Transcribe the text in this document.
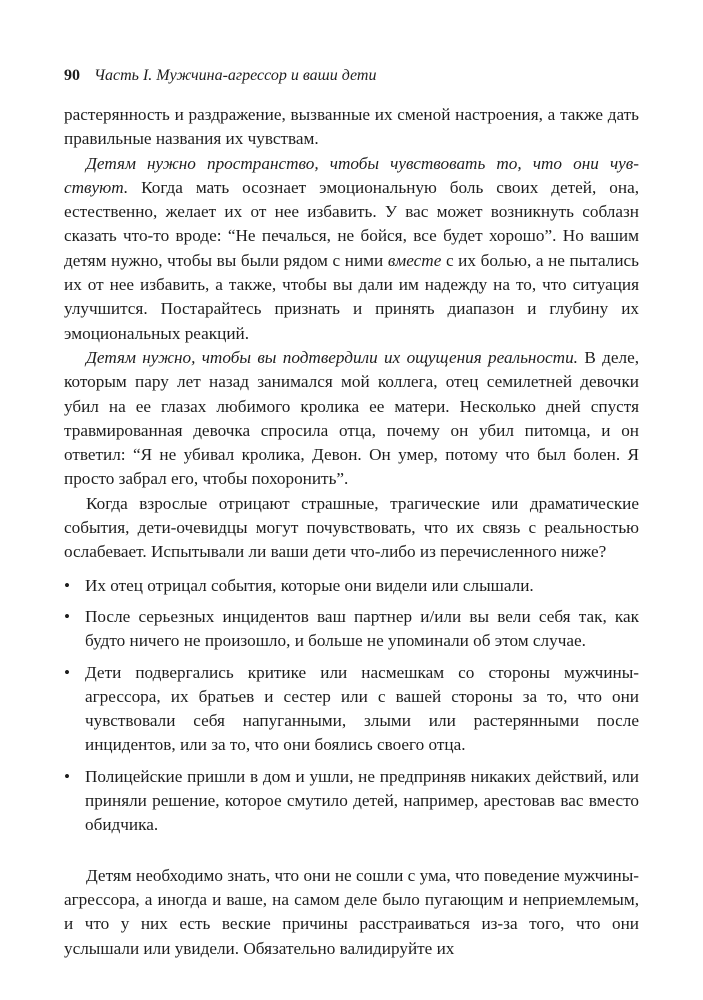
90 Часть I. Мужчина-агрессор и ваши дети

растерянность и раздражение, вызванные их сменой настроения, а также дать правильные названия их чувствам.

Детям нужно пространство, чтобы чувствовать то, что они чувствуют. Когда мать осознает эмоциональную боль своих детей, она, естественно, желает их от нее избавить. У вас может возникнуть соблазн сказать что-то вроде: “Не печалься, не бойся, все будет хорошо”. Но вашим детям нужно, чтобы вы были рядом с ними вместе с их болью, а не пытались их от нее избавить, а также, чтобы вы дали им надежду на то, что ситуация улучшится. Постарайтесь признать и принять диапазон и глубину их эмоциональных реакций.

Детям нужно, чтобы вы подтвердили их ощущения реальности. В деле, которым пару лет назад занимался мой коллега, отец семилетней девочки убил на ее глазах любимого кролика ее матери. Несколько дней спустя травмированная девочка спросила отца, почему он убил питомца, и он ответил: “Я не убивал кролика, Девон. Он умер, потому что был болен. Я просто забрал его, чтобы похоронить”.

Когда взрослые отрицают страшные, трагические или драматические события, дети-очевидцы могут почувствовать, что их связь с реальностью ослабевает. Испытывали ли ваши дети что-либо из перечисленного ниже?

• Их отец отрицал события, которые они видели или слышали.
• После серьезных инцидентов ваш партнер и/или вы вели себя так, как будто ничего не произошло, и больше не упоминали об этом случае.
• Дети подвергались критике или насмешкам со стороны мужчины-агрессора, их братьев и сестер или с вашей стороны за то, что они чувствовали себя напуганными, злыми или растерянными после инцидентов, или за то, что они боялись своего отца.
• Полицейские пришли в дом и ушли, не предприняв никаких действий, или приняли решение, которое смутило детей, например, арестовав вас вместо обидчика.

Детям необходимо знать, что они не сошли с ума, что поведение мужчины-агрессора, а иногда и ваше, на самом деле было пугающим и неприемлемым, и что у них есть веские причины расстраиваться из-за того, что они услышали или увидели. Обязательно валидируйте их
